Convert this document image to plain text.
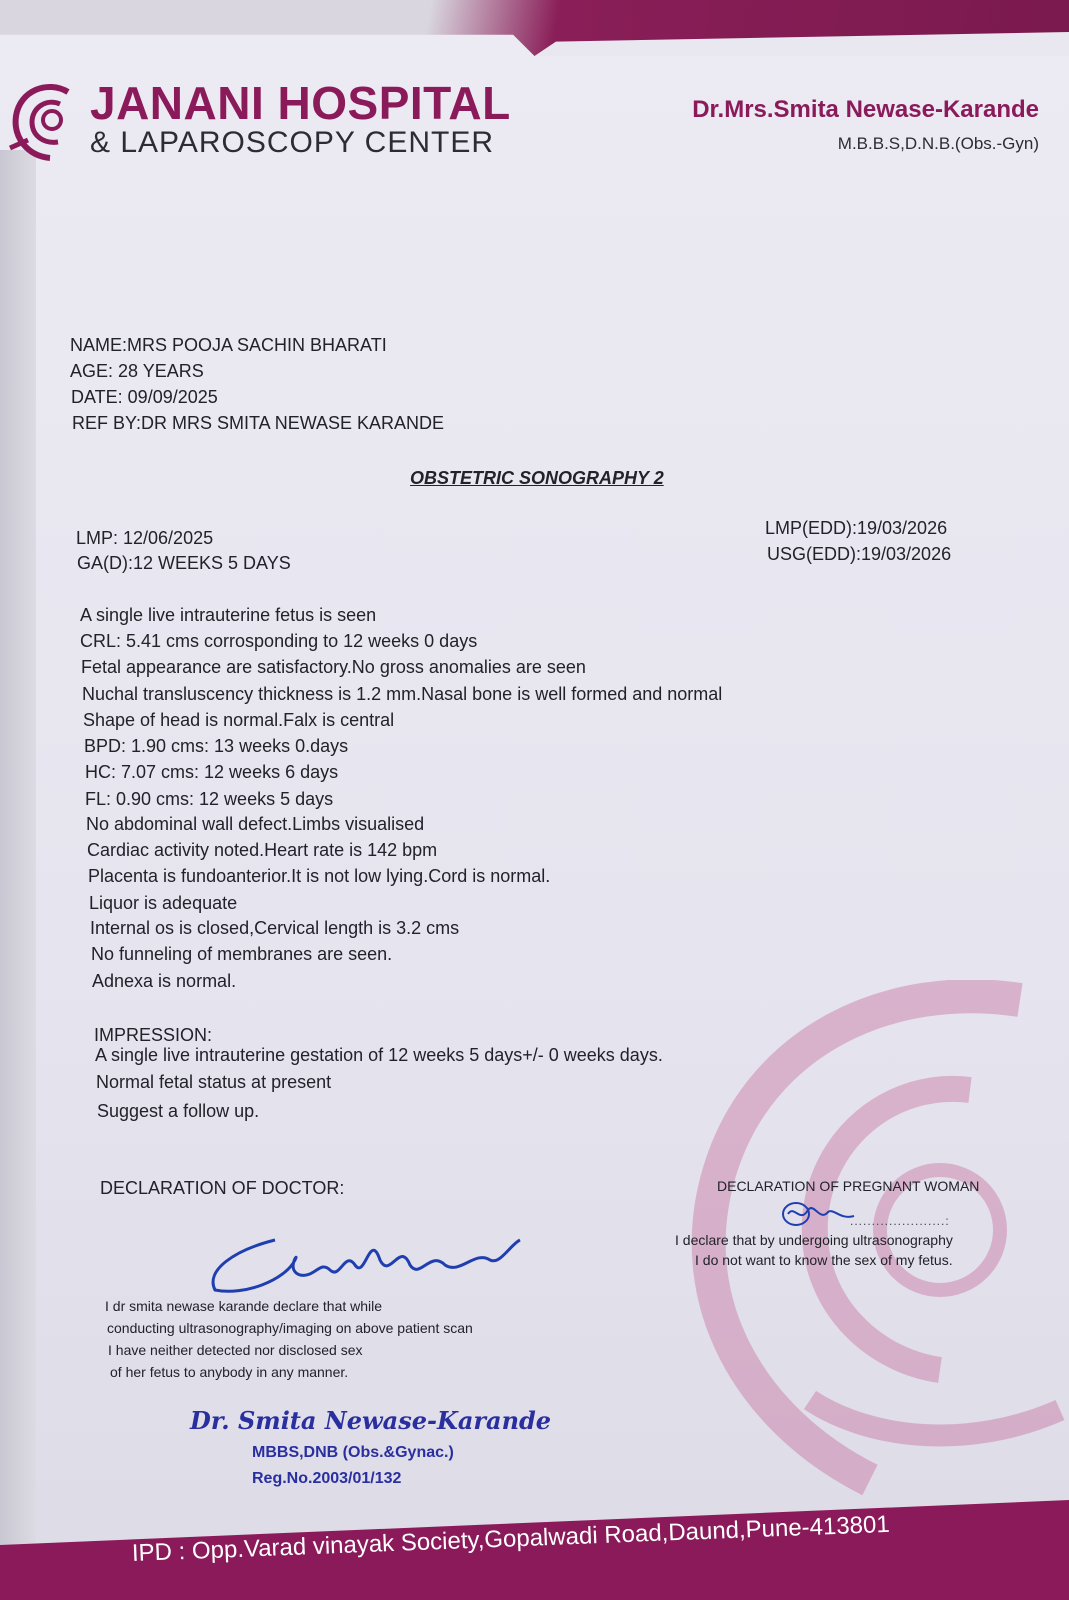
JANANI HOSPITAL
& LAPAROSCOPY CENTER
Dr.Mrs.Smita Newase-Karande
M.B.B.S,D.N.B.(Obs.-Gyn)
NAME:MRS POOJA SACHIN BHARATI
AGE: 28 YEARS
DATE: 09/09/2025
REF BY:DR MRS SMITA NEWASE KARANDE
OBSTETRIC SONOGRAPHY 2
LMP: 12/06/2025
GA(D):12 WEEKS 5 DAYS
LMP(EDD):19/03/2026
USG(EDD):19/03/2026
A single live intrauterine fetus is seen
CRL: 5.41 cms corrosponding to 12 weeks 0 days
Fetal appearance are satisfactory.No gross anomalies are seen
Nuchal transluscency thickness is 1.2 mm.Nasal bone is well formed and normal
Shape of head is normal.Falx is central
BPD: 1.90 cms: 13 weeks 0.days
HC: 7.07 cms: 12 weeks 6 days
FL: 0.90 cms: 12 weeks 5 days
No abdominal wall defect.Limbs visualised
Cardiac activity noted.Heart rate is 142 bpm
Placenta is fundoanterior.It is not low lying.Cord is normal.
Liquor is adequate
Internal os is closed,Cervical length is 3.2 cms
No funneling of membranes are seen.
Adnexa is normal.
IMPRESSION:
A single live intrauterine gestation of 12 weeks 5 days+/- 0 weeks days.
Normal fetal status at present
Suggest a follow up.
DECLARATION OF DOCTOR:	DECLARATION OF PREGNANT WOMAN
......................:
I declare that by undergoing ultrasonography
I do not want to know the sex of my fetus.
I dr smita newase karande declare that while
conducting ultrasonography/imaging on above patient scan
I have neither detected nor disclosed sex
of her fetus to anybody in any manner.
Dr. Smita Newase-Karande
MBBS,DNB (Obs.&Gynac.)
Reg.No.2003/01/132
IPD : Opp.Varad vinayak Society,Gopalwadi Road,Daund,Pune-413801
